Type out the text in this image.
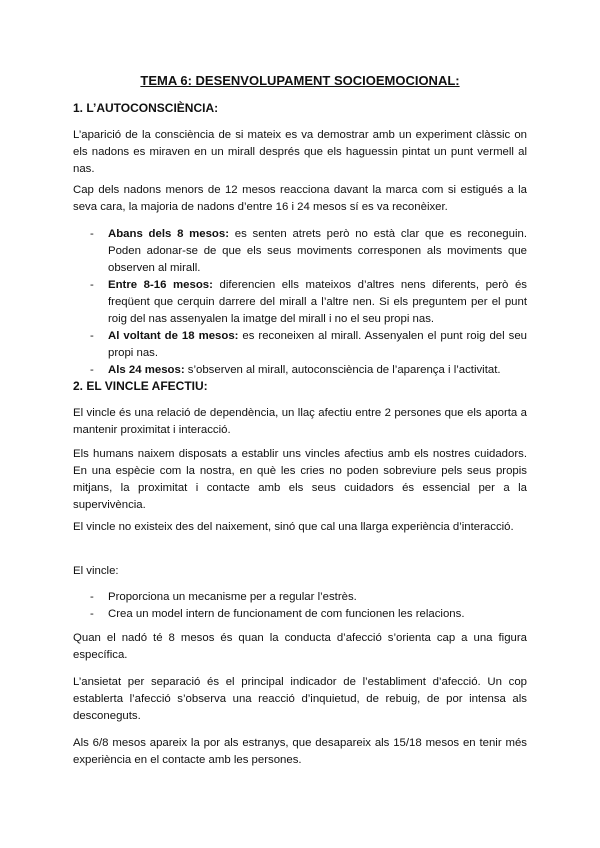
TEMA 6: DESENVOLUPAMENT SOCIOEMOCIONAL:
1. L’AUTOCONSCIÈNCIA:

L’aparició de la consciència de si mateix es va demostrar amb un experiment clàssic on els nadons es miraven en un mirall després que els haguessin pintat un punt vermell al nas.

Cap dels nadons menors de 12 mesos reacciona davant la marca com si estigués a la seva cara, la majoria de nadons d’entre 16 i 24 mesos sí es va reconèixer.

- Abans dels 8 mesos: es senten atrets però no està clar que es reconeguin. Poden adonar-se de que els seus moviments corresponen als moviments que observen al mirall.
- Entre 8-16 mesos: diferencien ells mateixos d’altres nens diferents, però és freqüent que cerquin darrere del mirall a l’altre nen. Si els preguntem per el punt roig del nas assenyalen la imatge del mirall i no el seu propi nas.
- Al voltant de 18 mesos: es reconeixen al mirall. Assenyalen el punt roig del seu propi nas.
- Als 24 mesos: s’observen al mirall, autoconsciència de l’aparença i l’activitat.
2. EL VINCLE AFECTIU:

El vincle és una relació de dependència, un llaç afectiu entre 2 persones que els aporta a mantenir proximitat i interacció.

Els humans naixem disposats a establir uns vincles afectius amb els nostres cuidadors. En una espècie com la nostra, en què les cries no poden sobreviure pels seus propis mitjans, la proximitat i contacte amb els seus cuidadors és essencial per a la supervivència.

El vincle no existeix des del naixement, sinó que cal una llarga experiència d’interacció.

El vincle:

- Proporciona un mecanisme per a regular l’estrès.
- Crea un model intern de funcionament de com funcionen les relacions.

Quan el nadó té 8 mesos és quan la conducta d’afecció s’orienta cap a una figura específica.

L’ansietat per separació és el principal indicador de l’establiment d’afecció. Un cop establerta l’afecció s’observa una reacció d’inquietud, de rebuig, de por intensa als desconeguts.

Als 6/8 mesos apareix la por als estranys, que desapareix als 15/18 mesos en tenir més experiència en el contacte amb les persones.
